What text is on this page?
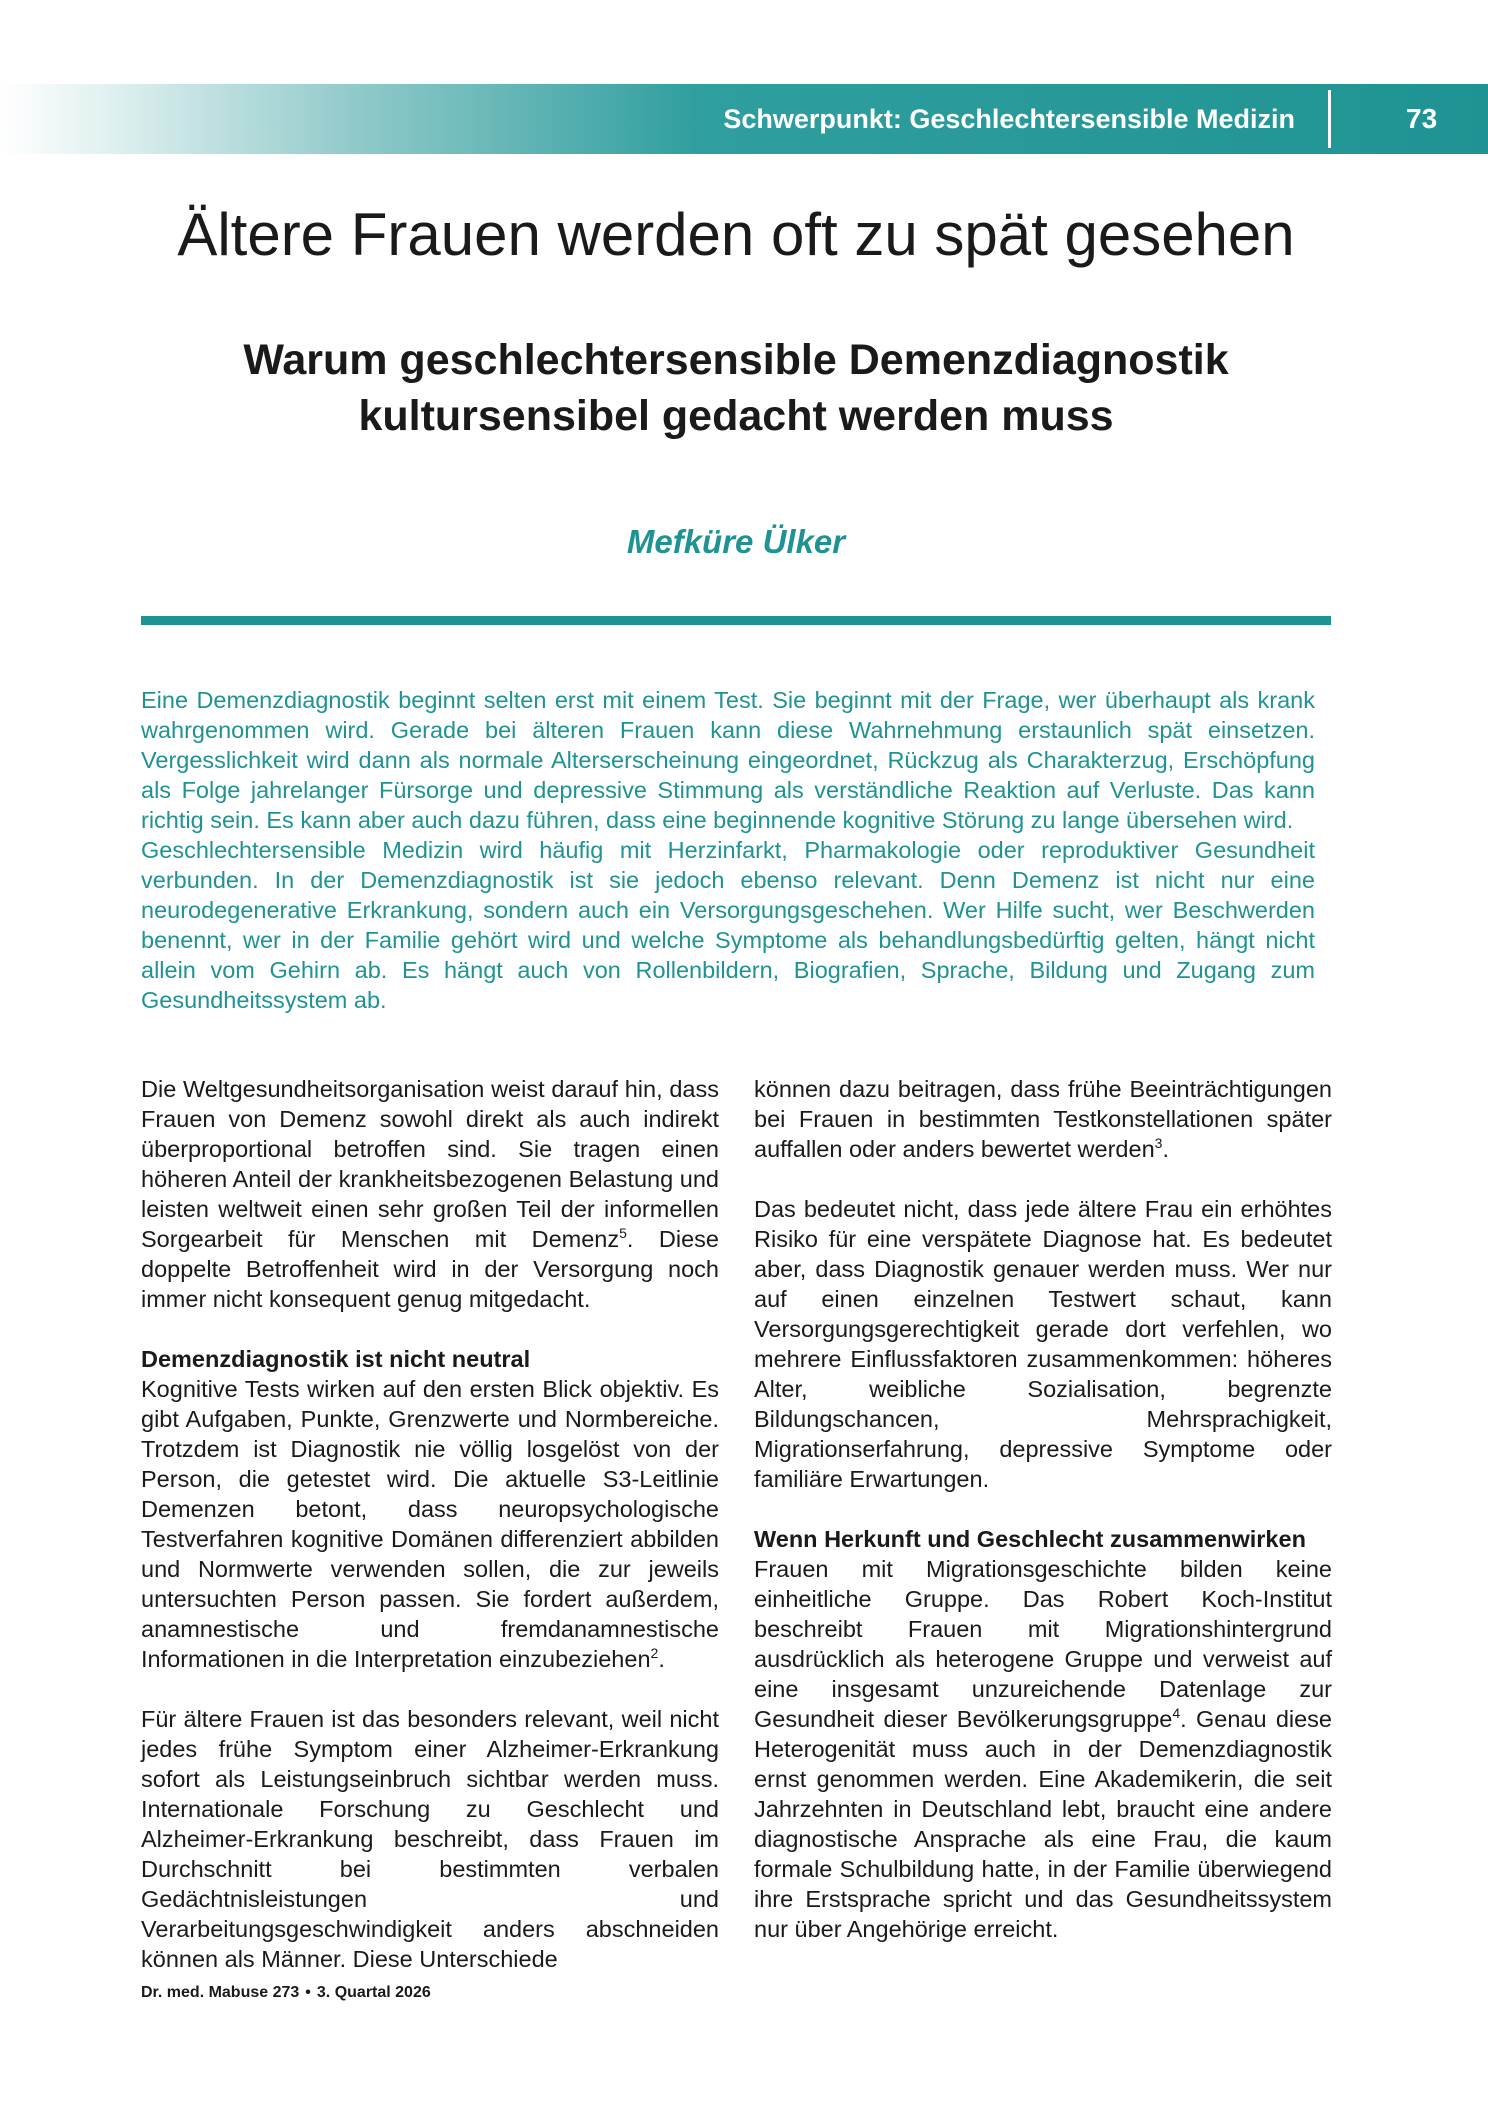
Schwerpunkt: Geschlechtersensible Medizin	73
Ältere Frauen werden oft zu spät gesehen
Warum geschlechtersensible Demenzdiagnostik
kultursensibel gedacht werden muss
Mefküre Ülker

Eine Demenzdiagnostik beginnt selten erst mit einem Test. Sie beginnt mit der Frage, wer überhaupt als krank wahrgenommen wird. Gerade bei älteren Frauen kann diese Wahrnehmung erstaunlich spät einsetzen. Vergesslichkeit wird dann als normale Alterserscheinung eingeordnet, Rückzug als Charakterzug, Erschöpfung als Folge jahrelanger Fürsorge und depressive Stimmung als verständliche Reaktion auf Verluste. Das kann richtig sein. Es kann aber auch dazu führen, dass eine beginnende kognitive Störung zu lange übersehen wird.

Geschlechtersensible Medizin wird häufig mit Herzinfarkt, Pharmakologie oder reproduktiver Gesundheit verbunden. In der Demenzdiagnostik ist sie jedoch ebenso relevant. Denn Demenz ist nicht nur eine neurodegenerative Erkrankung, sondern auch ein Versorgungsgeschehen. Wer Hilfe sucht, wer Beschwerden benennt, wer in der Familie gehört wird und welche Symptome als behandlungsbedürftig gelten, hängt nicht allein vom Gehirn ab. Es hängt auch von Rollenbildern, Biografien, Sprache, Bildung und Zugang zum Gesundheitssystem ab.

Die Weltgesundheitsorganisation weist darauf hin, dass Frauen von Demenz sowohl direkt als auch indirekt überproportional betroffen sind. Sie tragen einen höheren Anteil der krankheitsbezogenen Belastung und leisten weltweit einen sehr großen Teil der informellen Sorgearbeit für Menschen mit Demenz$^5$. Diese doppelte Betroffenheit wird in der Versorgung noch immer nicht konsequent genug mitgedacht.

Demenzdiagnostik ist nicht neutral

Kognitive Tests wirken auf den ersten Blick objektiv. Es gibt Aufgaben, Punkte, Grenzwerte und Normbereiche. Trotzdem ist Diagnostik nie völlig losgelöst von der Person, die getestet wird. Die aktuelle S3-Leitlinie Demenzen betont, dass neuropsychologische Testverfahren kognitive Domänen differenziert abbilden und Normwerte verwenden sollen, die zur jeweils untersuchten Person passen. Sie fordert außerdem, anamnestische und fremdanamnestische Informationen in die Interpretation einzubeziehen$^2$.

Für ältere Frauen ist das besonders relevant, weil nicht jedes frühe Symptom einer Alzheimer-Erkrankung sofort als Leistungseinbruch sichtbar werden muss. Internationale Forschung zu Geschlecht und Alzheimer-Erkrankung beschreibt, dass Frauen im Durchschnitt bei bestimmten verbalen Gedächtnisleistungen und Verarbeitungsgeschwindigkeit anders abschneiden können als Männer. Diese Unterschiede

können dazu beitragen, dass frühe Beeinträchtigungen bei Frauen in bestimmten Testkonstellationen später auffallen oder anders bewertet werden$^3$.

Das bedeutet nicht, dass jede ältere Frau ein erhöhtes Risiko für eine verspätete Diagnose hat. Es bedeutet aber, dass Diagnostik genauer werden muss. Wer nur auf einen einzelnen Testwert schaut, kann Versorgungsgerechtigkeit gerade dort verfehlen, wo mehrere Einflussfaktoren zusammenkommen: höheres Alter, weibliche Sozialisation, begrenzte Bildungschancen, Mehrsprachigkeit, Migrationserfahrung, depressive Symptome oder familiäre Erwartungen.

Wenn Herkunft und Geschlecht zusammenwirken

Frauen mit Migrationsgeschichte bilden keine einheitliche Gruppe. Das Robert Koch-Institut beschreibt Frauen mit Migrationshintergrund ausdrücklich als heterogene Gruppe und verweist auf eine insgesamt unzureichende Datenlage zur Gesundheit dieser Bevölkerungsgruppe$^4$. Genau diese Heterogenität muss auch in der Demenzdiagnostik ernst genommen werden. Eine Akademikerin, die seit Jahrzehnten in Deutschland lebt, braucht eine andere diagnostische Ansprache als eine Frau, die kaum formale Schulbildung hatte, in der Familie überwiegend ihre Erstsprache spricht und das Gesundheitssystem nur über Angehörige erreicht.

Dr. med. Mabuse 273 • 3. Quartal 2026
